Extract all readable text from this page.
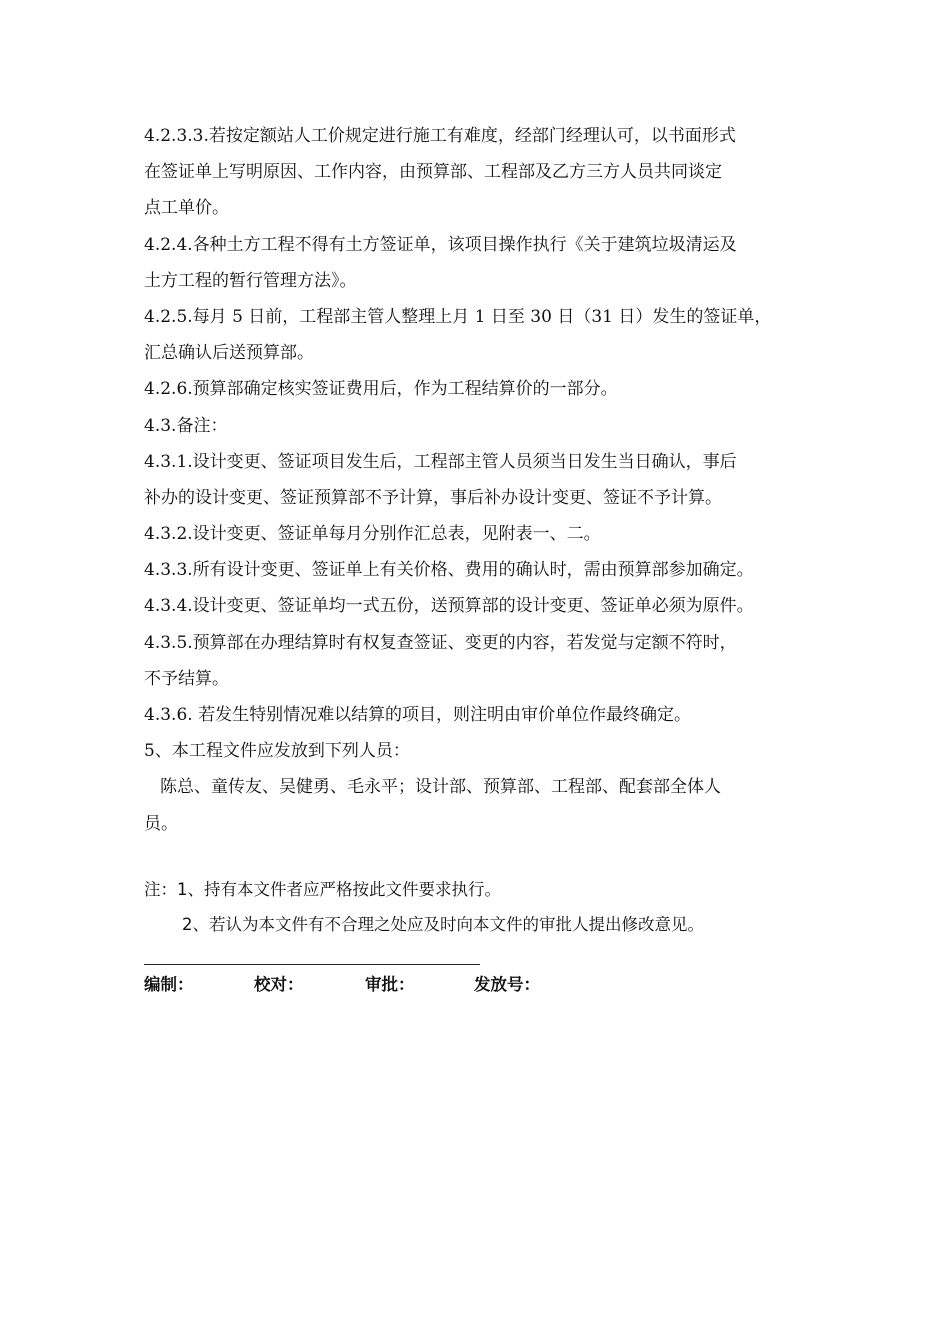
4.2.3.3.若按定额站人工价规定进行施工有难度，经部门经理认可，以书面形式
在签证单上写明原因、工作内容，由预算部、工程部及乙方三方人员共同谈定
点工单价。
4.2.4.各种土方工程不得有土方签证单，该项目操作执行《关于建筑垃圾清运及
土方工程的暂行管理方法》。
4.2.5.每月 5 日前，工程部主管人整理上月 1 日至 30 日（31 日）发生的签证单，
汇总确认后送预算部。
4.2.6.预算部确定核实签证费用后，作为工程结算价的一部分。
4.3.备注：
4.3.1.设计变更、签证项目发生后，工程部主管人员须当日发生当日确认，事后
补办的设计变更、签证预算部不予计算，事后补办设计变更、签证不予计算。
4.3.2.设计变更、签证单每月分别作汇总表，见附表一、二。
4.3.3.所有设计变更、签证单上有关价格、费用的确认时，需由预算部参加确定。
4.3.4.设计变更、签证单均一式五份，送预算部的设计变更、签证单必须为原件。
4.3.5.预算部在办理结算时有权复查签证、变更的内容，若发觉与定额不符时，
不予结算。
4.3.6. 若发生特别情况难以结算的项目，则注明由审价单位作最终确定。
5、本工程文件应发放到下列人员：
陈总、童传友、吴健勇、毛永平；设计部、预算部、工程部、配套部全体人
员。
注：1、持有本文件者应严格按此文件要求执行。
2、若认为本文件有不合理之处应及时向本文件的审批人提出修改意见。
编制：	校对：	审批：	发放号：
